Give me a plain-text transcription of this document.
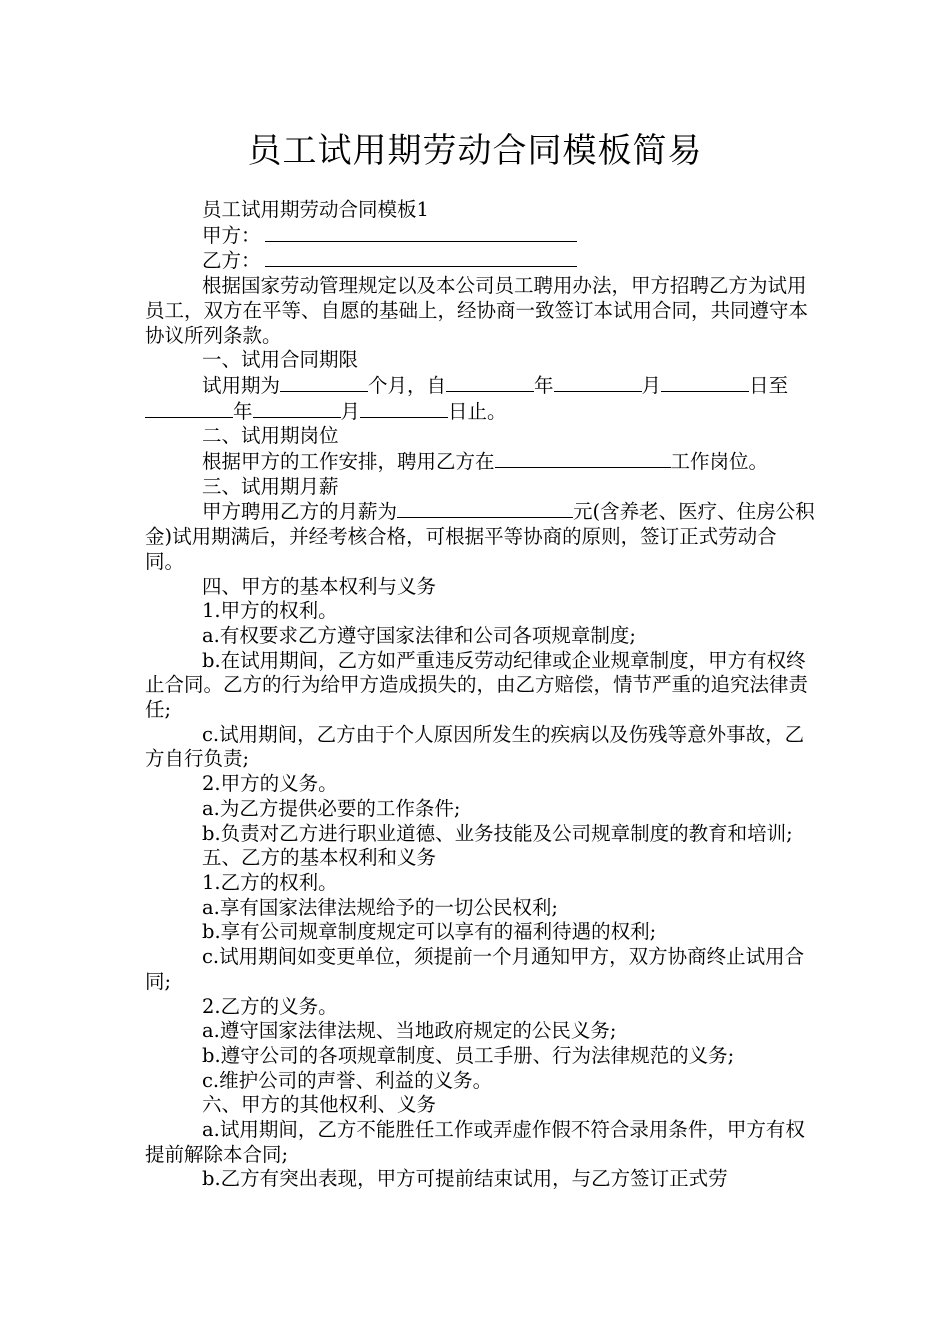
员工试用期劳动合同模板简易

员工试用期劳动合同模板1

甲方：

乙方：

根据国家劳动管理规定以及本公司员工聘用办法，甲方招聘乙方为试用员工，双方在平等、自愿的基础上，经协商一致签订本试用合同，共同遵守本协议所列条款。

一、试用合同期限

试用期为	个月，自	年	月	日至年	月	日止。

二、试用期岗位

根据甲方的工作安排，聘用乙方在	工作岗位。

三、试用期月薪

甲方聘用乙方的月薪为	元(含养老、医疗、住房公积金)试用期满后，并经考核合格，可根据平等协商的原则，签订正式劳动合同。

四、甲方的基本权利与义务

1.甲方的权利。

a.有权要求乙方遵守国家法律和公司各项规章制度;

b.在试用期间，乙方如严重违反劳动纪律或企业规章制度，甲方有权终止合同。乙方的行为给甲方造成损失的，由乙方赔偿，情节严重的追究法律责任;

c.试用期间，乙方由于个人原因所发生的疾病以及伤残等意外事故，乙方自行负责;

2.甲方的义务。

a.为乙方提供必要的工作条件;

b.负责对乙方进行职业道德、业务技能及公司规章制度的教育和培训;

五、乙方的基本权利和义务

1.乙方的权利。

a.享有国家法律法规给予的一切公民权利;

b.享有公司规章制度规定可以享有的福利待遇的权利;

c.试用期间如变更单位，须提前一个月通知甲方，双方协商终止试用合同;

2.乙方的义务。

a.遵守国家法律法规、当地政府规定的公民义务;

b.遵守公司的各项规章制度、员工手册、行为法律规范的义务;

c.维护公司的声誉、利益的义务。

六、甲方的其他权利、义务

a.试用期间，乙方不能胜任工作或弄虚作假不符合录用条件，甲方有权提前解除本合同;

b.乙方有突出表现，甲方可提前结束试用，与乙方签订正式劳
